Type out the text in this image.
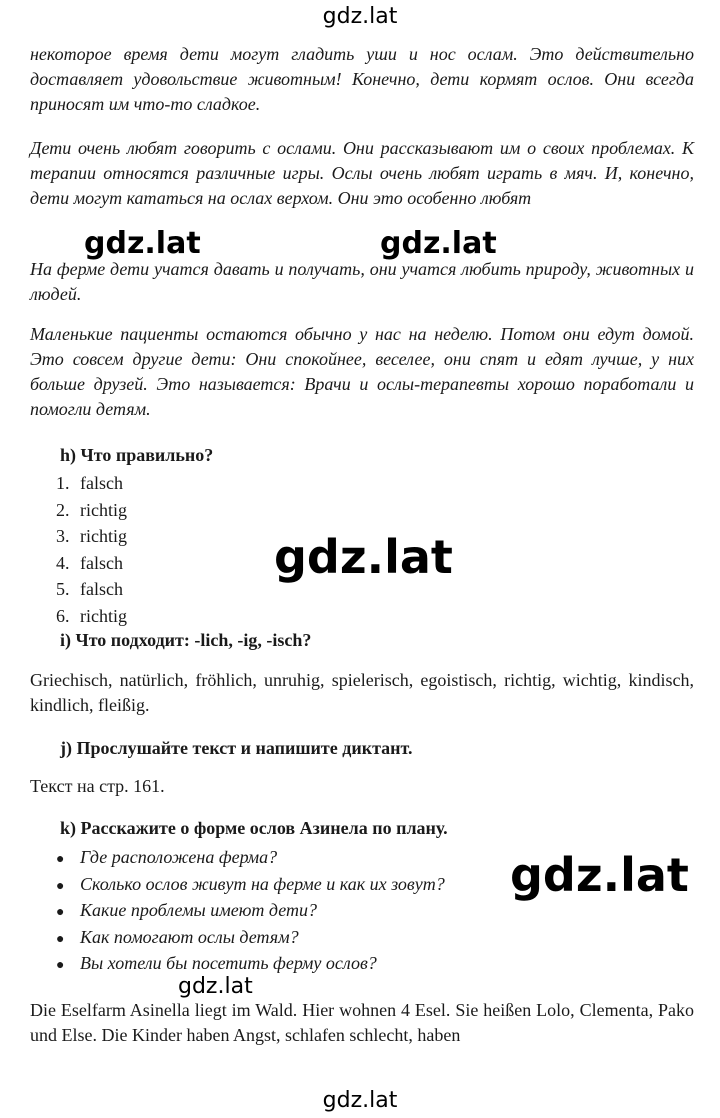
gdz.lat
некоторое время дети могут гладить уши и нос ослам. Это действительно доставляет удовольствие животным! Конечно, дети кормят ослов. Они всегда приносят им что-то сладкое.
Дети очень любят говорить с ослами. Они рассказывают им о своих проблемах. К терапии относятся различные игры. Ослы очень любят играть в мяч. И, конечно, дети могут кататься на ослах верхом. Они это особенно любят
gdz.lat	gdz.lat
На ферме дети учатся давать и получать, они учатся любить природу, животных и людей.
Маленькие пациенты остаются обычно у нас на неделю. Потом они едут домой. Это совсем другие дети: Они спокойнее, веселее, они спят и едят лучше, у них больше друзей. Это называется: Врачи и ослы-терапевты хорошо поработали и помогли детям.
h) Что правильно?
1. falsch
2. richtig
3. richtig
4. falsch
5. falsch
6. richtig
gdz.lat
i) Что подходит: -lich, -ig, -isch?
Griechisch, natürlich, fröhlich, unruhig, spielerisch, egoistisch, richtig, wichtig, kindisch, kindlich, fleißig.
j) Прослушайте текст и напишите диктант.
Текст на стр. 161.
k) Расскажите о форме ослов Азинела по плану.
● Где расположена ферма?
● Сколько ослов живут на ферме и как их зовут?
● Какие проблемы имеют дети?
● Как помогают ослы детям?
● Вы хотели бы посетить ферму ослов?
gdz.lat
gdz.lat
Die Eselfarm Asinella liegt im Wald. Hier wohnen 4 Esel. Sie heißen Lolo, Clementa, Pako und Else. Die Kinder haben Angst, schlafen schlecht, haben
gdz.lat
